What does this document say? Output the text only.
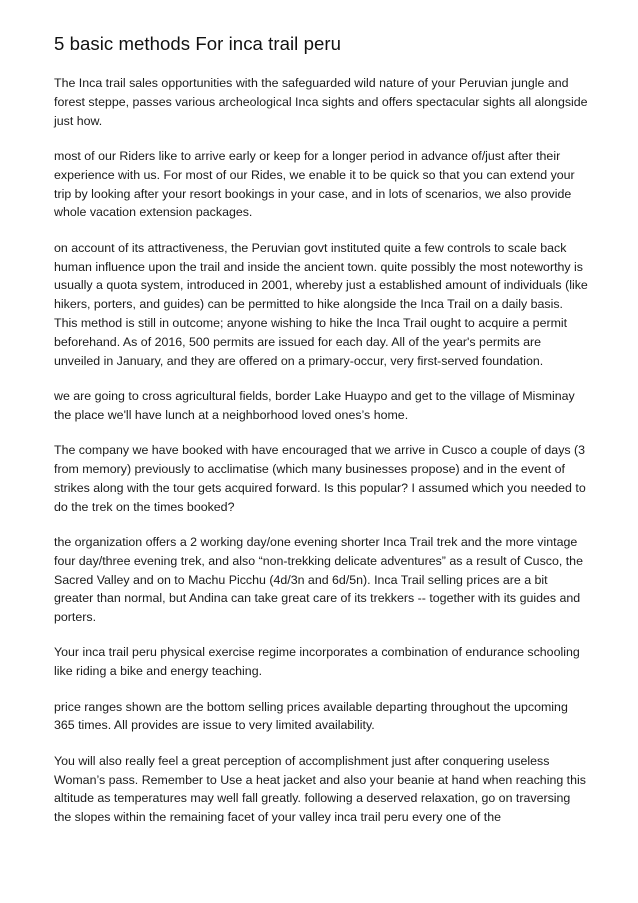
5 basic methods For inca trail peru

The Inca trail sales opportunities with the safeguarded wild nature of your Peruvian jungle and forest steppe, passes various archeological Inca sights and offers spectacular sights all alongside just how.

most of our Riders like to arrive early or keep for a longer period in advance of/just after their experience with us. For most of our Rides, we enable it to be quick so that you can extend your trip by looking after your resort bookings in your case, and in lots of scenarios, we also provide whole vacation extension packages.

on account of its attractiveness, the Peruvian govt instituted quite a few controls to scale back human influence upon the trail and inside the ancient town. quite possibly the most noteworthy is usually a quota system, introduced in 2001, whereby just a established amount of individuals (like hikers, porters, and guides) can be permitted to hike alongside the Inca Trail on a daily basis. This method is still in outcome; anyone wishing to hike the Inca Trail ought to acquire a permit beforehand. As of 2016, 500 permits are issued for each day. All of the year's permits are unveiled in January, and they are offered on a primary-occur, very first-served foundation.

we are going to cross agricultural fields, border Lake Huaypo and get to the village of Misminay the place we'll have lunch at a neighborhood loved ones’s home.

The company we have booked with have encouraged that we arrive in Cusco a couple of days (3 from memory) previously to acclimatise (which many businesses propose) and in the event of strikes along with the tour gets acquired forward. Is this popular? I assumed which you needed to do the trek on the times booked?

the organization offers a 2 working day/one evening shorter Inca Trail trek and the more vintage four day/three evening trek, and also “non-trekking delicate adventures” as a result of Cusco, the Sacred Valley and on to Machu Picchu (4d/3n and 6d/5n). Inca Trail selling prices are a bit greater than normal, but Andina can take great care of its trekkers -- together with its guides and porters.

Your inca trail peru physical exercise regime incorporates a combination of endurance schooling like riding a bike and energy teaching.

price ranges shown are the bottom selling prices available departing throughout the upcoming 365 times. All provides are issue to very limited availability.

You will also really feel a great perception of accomplishment just after conquering useless Woman’s pass. Remember to Use a heat jacket and also your beanie at hand when reaching this altitude as temperatures may well fall greatly. following a deserved relaxation, go on traversing the slopes within the remaining facet of your valley inca trail peru every one of the
